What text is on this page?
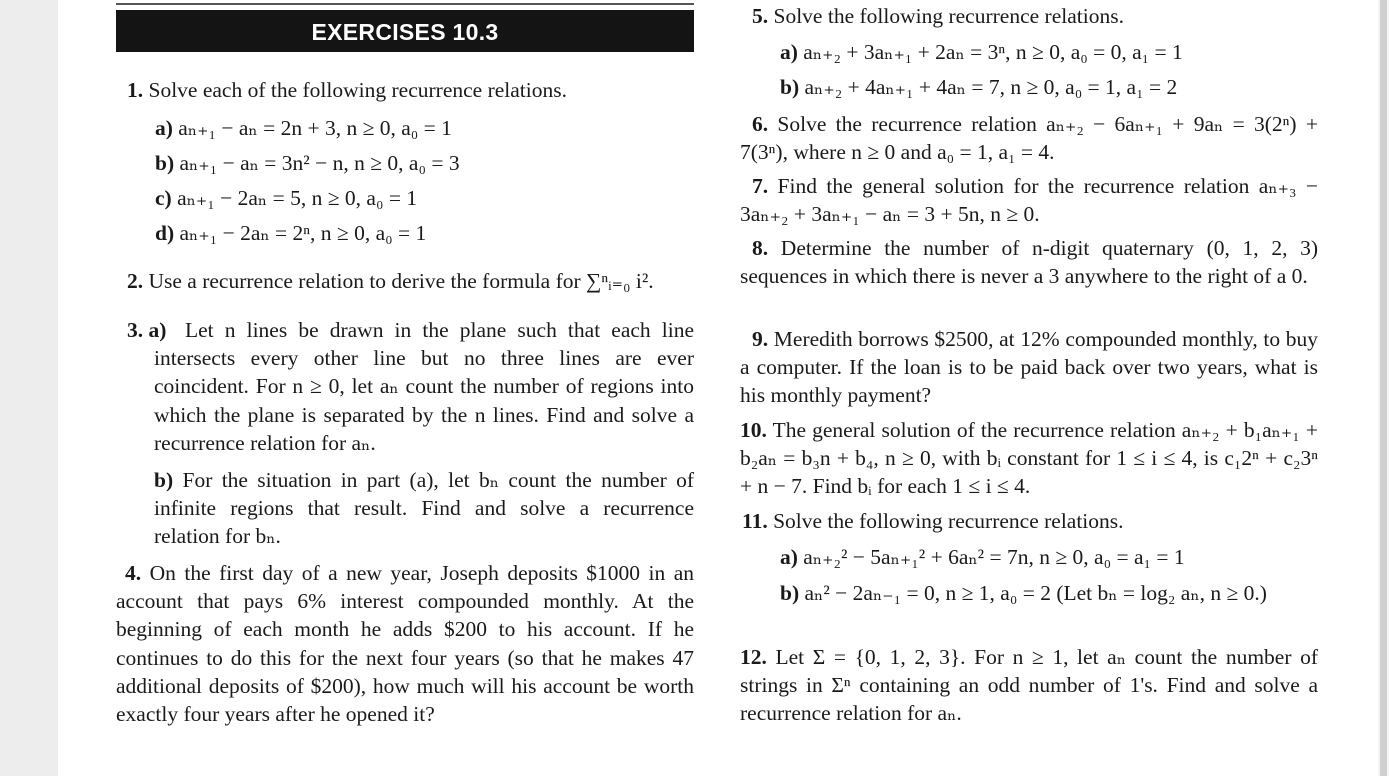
EXERCISES 10.3
1. Solve each of the following recurrence relations.
a) aₙ₊₁ − aₙ = 2n + 3, n ≥ 0, a₀ = 1
b) aₙ₊₁ − aₙ = 3n² − n, n ≥ 0, a₀ = 3
c) aₙ₊₁ − 2aₙ = 5, n ≥ 0, a₀ = 1
d) aₙ₊₁ − 2aₙ = 2ⁿ, n ≥ 0, a₀ = 1
2. Use a recurrence relation to derive the formula for ∑ⁿᵢ₌₀ i².
3. a) Let n lines be drawn in the plane such that each line intersects every other line but no three lines are ever coincident. For n ≥ 0, let aₙ count the number of regions into which the plane is separated by the n lines. Find and solve a recurrence relation for aₙ.
b) For the situation in part (a), let bₙ count the number of infinite regions that result. Find and solve a recurrence relation for bₙ.
4. On the first day of a new year, Joseph deposits $1000 in an account that pays 6% interest compounded monthly. At the beginning of each month he adds $200 to his account. If he continues to do this for the next four years (so that he makes 47 additional deposits of $200), how much will his account be worth exactly four years after he opened it?
5. Solve the following recurrence relations.
a) aₙ₊₂ + 3aₙ₊₁ + 2aₙ = 3ⁿ, n ≥ 0, a₀ = 0, a₁ = 1
b) aₙ₊₂ + 4aₙ₊₁ + 4aₙ = 7, n ≥ 0, a₀ = 1, a₁ = 2
6. Solve the recurrence relation aₙ₊₂ − 6aₙ₊₁ + 9aₙ = 3(2ⁿ) + 7(3ⁿ), where n ≥ 0 and a₀ = 1, a₁ = 4.
7. Find the general solution for the recurrence relation aₙ₊₃ − 3aₙ₊₂ + 3aₙ₊₁ − aₙ = 3 + 5n, n ≥ 0.
8. Determine the number of n-digit quaternary (0, 1, 2, 3) sequences in which there is never a 3 anywhere to the right of a 0.
9. Meredith borrows $2500, at 12% compounded monthly, to buy a computer. If the loan is to be paid back over two years, what is his monthly payment?
10. The general solution of the recurrence relation aₙ₊₂ + b₁aₙ₊₁ + b₂aₙ = b₃n + b₄, n ≥ 0, with bᵢ constant for 1 ≤ i ≤ 4, is c₁2ⁿ + c₂3ⁿ + n − 7. Find bᵢ for each 1 ≤ i ≤ 4.
11. Solve the following recurrence relations.
a) aₙ₊₂² − 5aₙ₊₁² + 6aₙ² = 7n, n ≥ 0, a₀ = a₁ = 1
b) aₙ² − 2aₙ₋₁ = 0, n ≥ 1, a₀ = 2 (Let bₙ = log₂ aₙ, n ≥ 0.)
12. Let Σ = {0, 1, 2, 3}. For n ≥ 1, let aₙ count the number of strings in Σⁿ containing an odd number of 1's. Find and solve a recurrence relation for aₙ.
